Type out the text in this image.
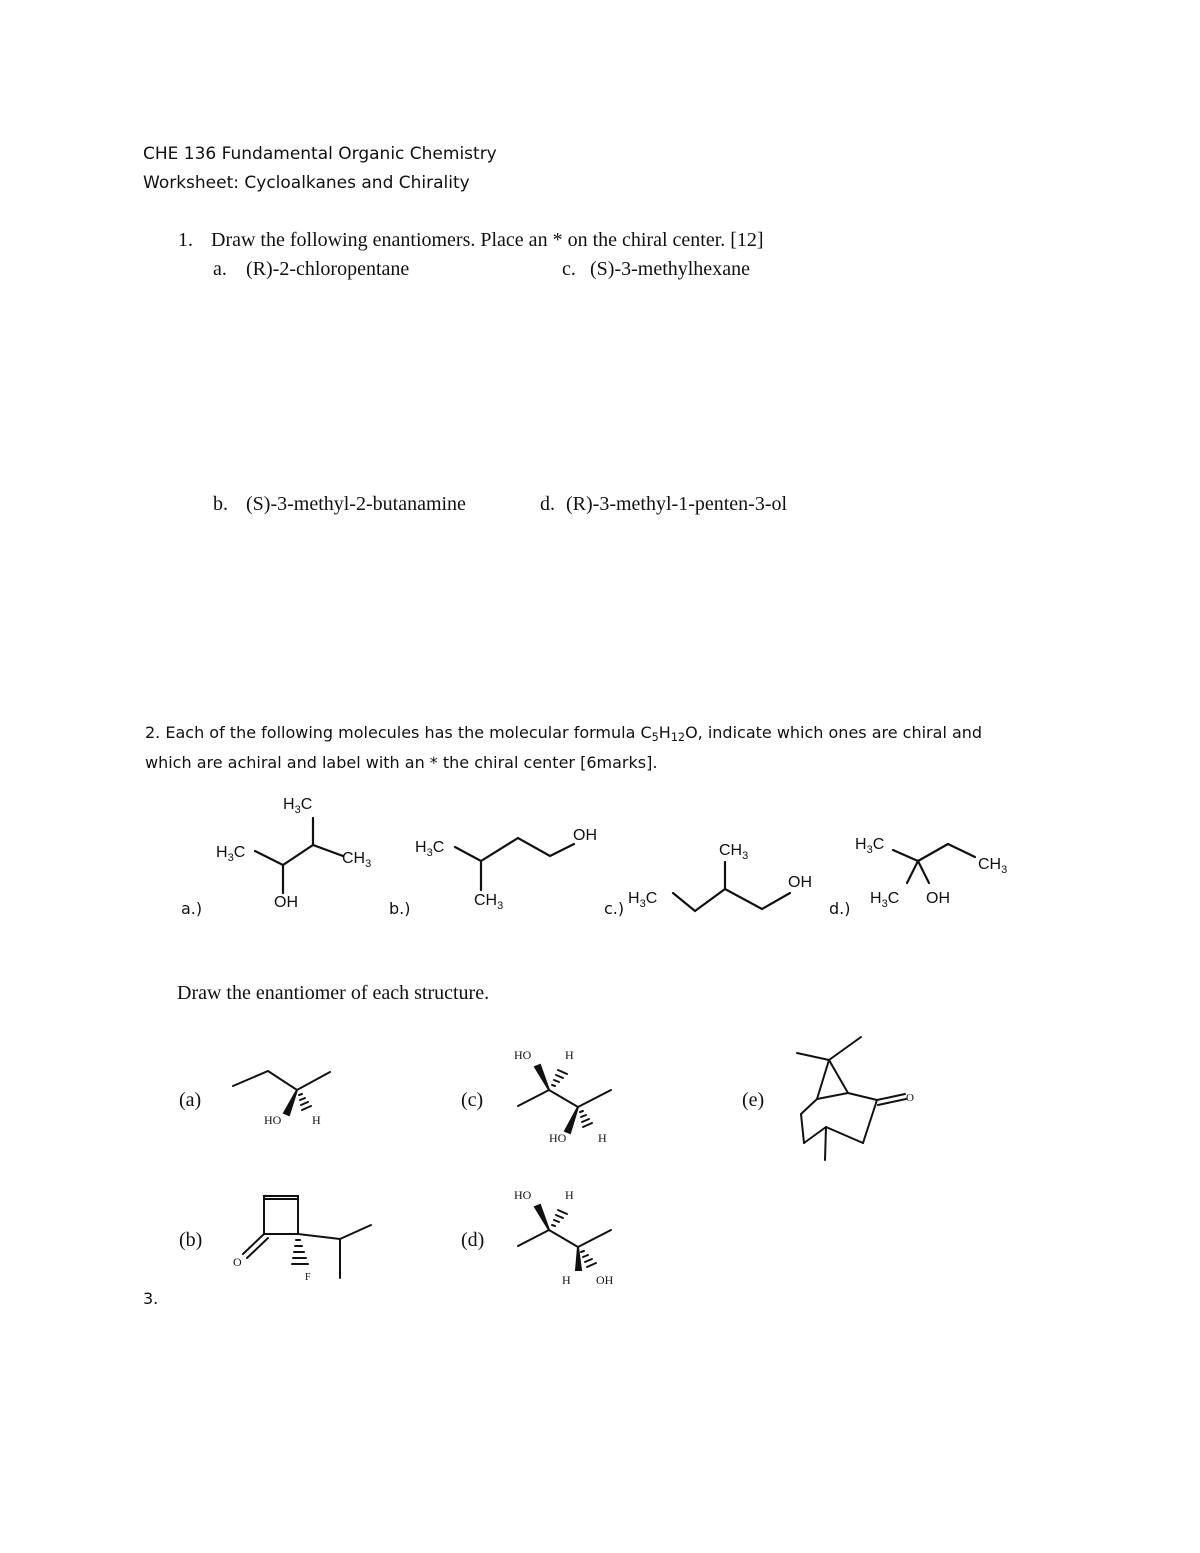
CHE 136 Fundamental Organic Chemistry
Worksheet: Cycloalkanes and Chirality
1. Draw the following enantiomers. Place an * on the chiral center. [12]
a. (R)-2-chloropentane	c. (S)-3-methylhexane
b. (S)-3-methyl-2-butanamine	d. (R)-3-methyl-1-penten-3-ol
2. Each of the following molecules has the molecular formula $C_5H_{12}O$, indicate which ones are chiral and
which are achiral and label with an * the chiral center [6marks].
a.)	b.)	c.)	d.)
$H_3C$
$H_3C$	$CH_3$
OH
$H_3C$
OH
$CH_3$	$H_3C$
$CH_3$
OH
$H_3C$
$CH_3$
$H_3C$ OH
Draw the enantiomer of each structure.
3.
(a)	(c)	(e)
(b)	(d)
HO	H
HO	H
HO	H
HO	H
H OH
O
F
O
